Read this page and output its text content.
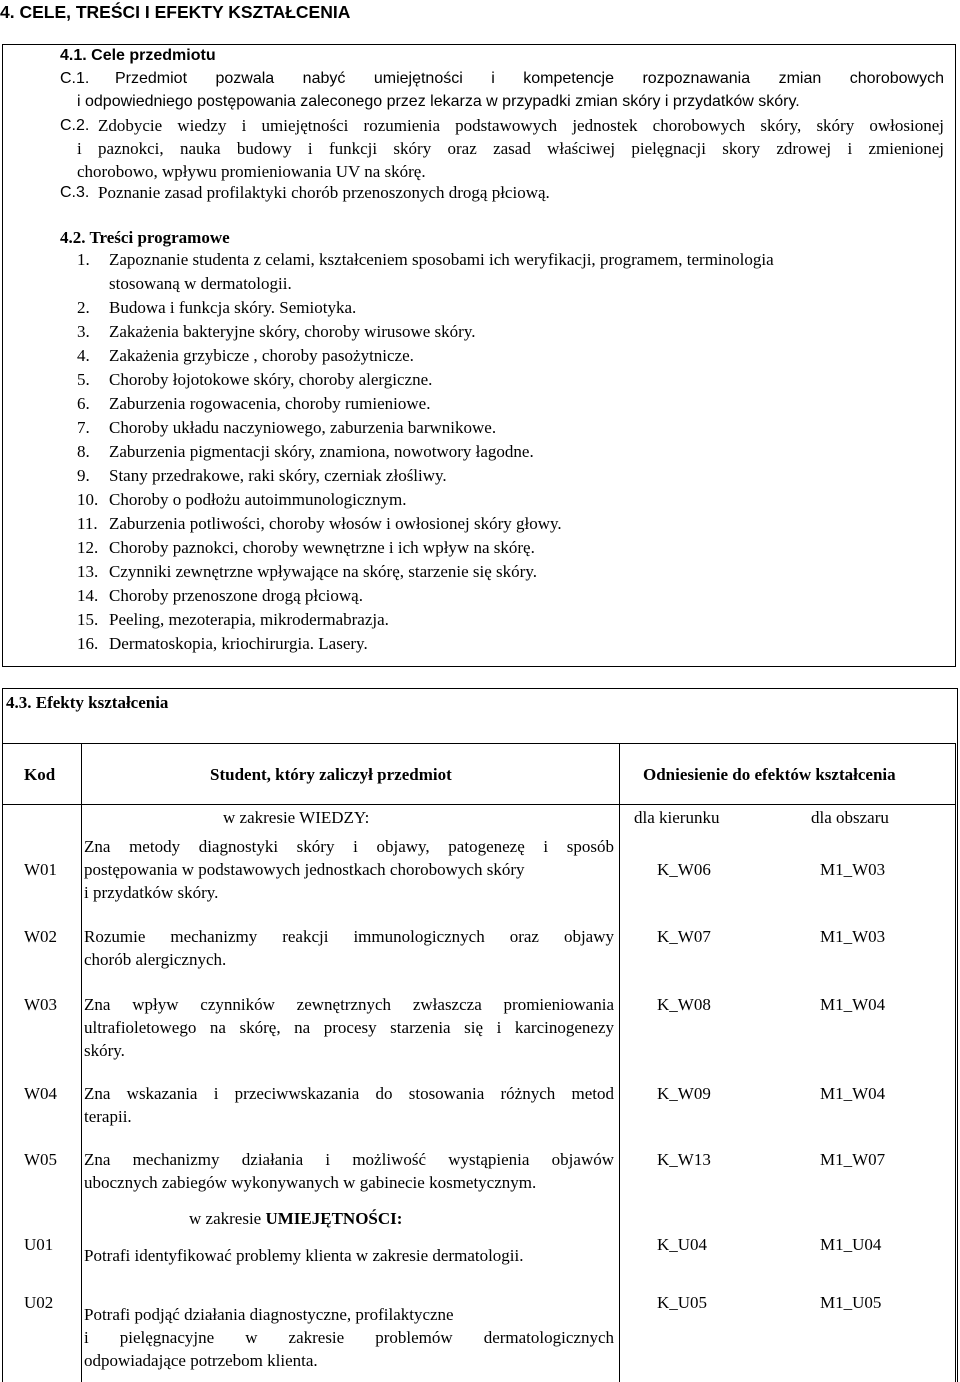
4. CELE, TREŚCI I EFEKTY KSZTAŁCENIA
4.1. Cele przedmiotu
C.1. Przedmiot pozwala nabyć umiejętności i kompetencje rozpoznawania zmian chorobowych
i odpowiedniego postępowania zaleconego przez lekarza w przypadki zmian skóry i przydatków skóry.
C.2. Zdobycie wiedzy i umiejętności rozumienia podstawowych jednostek chorobowych skóry, skóry owłosionej
i paznokci, nauka budowy i funkcji skóry oraz zasad właściwej pielęgnacji skory zdrowej i zmienionej
chorobowo, wpływu promieniowania UV na skórę.
C.3. Poznanie zasad profilaktyki chorób przenoszonych drogą płciową.
4.2. Treści programowe
1. Zapoznanie studenta z celami, kształceniem sposobami ich weryfikacji, programem, terminologia
stosowaną w dermatologii.
2. Budowa i funkcja skóry. Semiotyka.
3. Zakażenia bakteryjne skóry, choroby wirusowe skóry.
4. Zakażenia grzybicze , choroby pasożytnicze.
5. Choroby łojotokowe skóry, choroby alergiczne.
6. Zaburzenia rogowacenia, choroby rumieniowe.
7. Choroby układu naczyniowego, zaburzenia barwnikowe.
8. Zaburzenia pigmentacji skóry, znamiona, nowotwory łagodne.
9. Stany przedrakowe, raki skóry, czerniak złośliwy.
10. Choroby o podłożu autoimmunologicznym.
11. Zaburzenia potliwości, choroby włosów i owłosionej skóry głowy.
12. Choroby paznokci, choroby wewnętrzne i ich wpływ na skórę.
13. Czynniki zewnętrzne wpływające na skórę, starzenie się skóry.
14. Choroby przenoszone drogą płciową.
15. Peeling, mezoterapia, mikrodermabrazja.
16. Dermatoskopia, kriochirurgia. Lasery.
4.3. Efekty kształcenia
Kod	Student, który zaliczył przedmiot	Odniesienie do efektów kształcenia
w zakresie WIEDZY:	dla kierunku	dla obszaru
w zakresie UMIEJĘTNOŚCI:
W01
Zna metody diagnostyki skóry i objawy, patogenezę i sposób
postępowania w podstawowych jednostkach chorobowych skóry
i przydatków skóry.
K_W06	M1_W03
W02 Rozumie mechanizmy reakcji immunologicznych oraz objawy
chorób alergicznych.
K_W07	M1_W03
W03 Zna wpływ czynników zewnętrznych zwłaszcza promieniowania
ultrafioletowego na skórę, na procesy starzenia się i karcinogenezy
skóry.
K_W08	M1_W04
W04 Zna wskazania i przeciwwskazania do stosowania różnych metod
terapii.
K_W09	M1_W04
W05 Zna mechanizmy działania i możliwość wystąpienia objawów
ubocznych zabiegów wykonywanych w gabinecie kosmetycznym.
K_W13	M1_W07
U01
Potrafi identyfikować problemy klienta w zakresie dermatologii.
K_U04	M1_U04
U02
Potrafi podjąć działania diagnostyczne, profilaktyczne
i pielęgnacyjne w zakresie problemów dermatologicznych
odpowiadające potrzebom klienta.
K_U05	M1_U05
